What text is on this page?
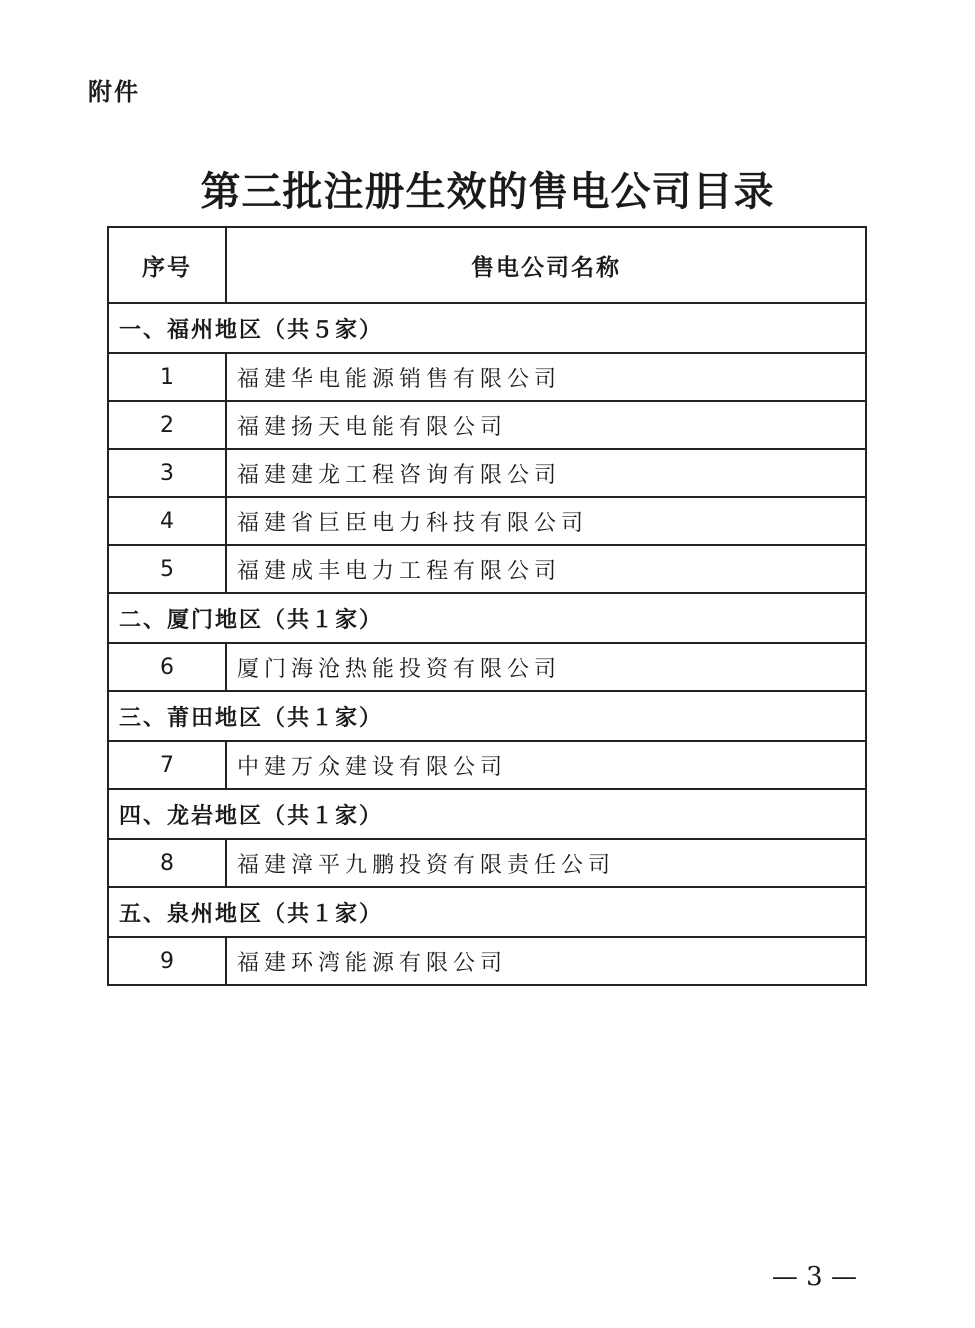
附件
第三批注册生效的售电公司目录
序号	售电公司名称
一、福州地区（共５家）	
1	福建华电能源销售有限公司
2	福建扬天电能有限公司
3	福建建龙工程咨询有限公司
4	福建省巨臣电力科技有限公司
5	福建成丰电力工程有限公司
二、厦门地区（共１家）	
6	厦门海沧热能投资有限公司
三、莆田地区（共１家）	
7	中建万众建设有限公司
四、龙岩地区（共１家）	
8	福建漳平九鹏投资有限责任公司
五、泉州地区（共１家）	
9	福建环湾能源有限公司
— 3 —
